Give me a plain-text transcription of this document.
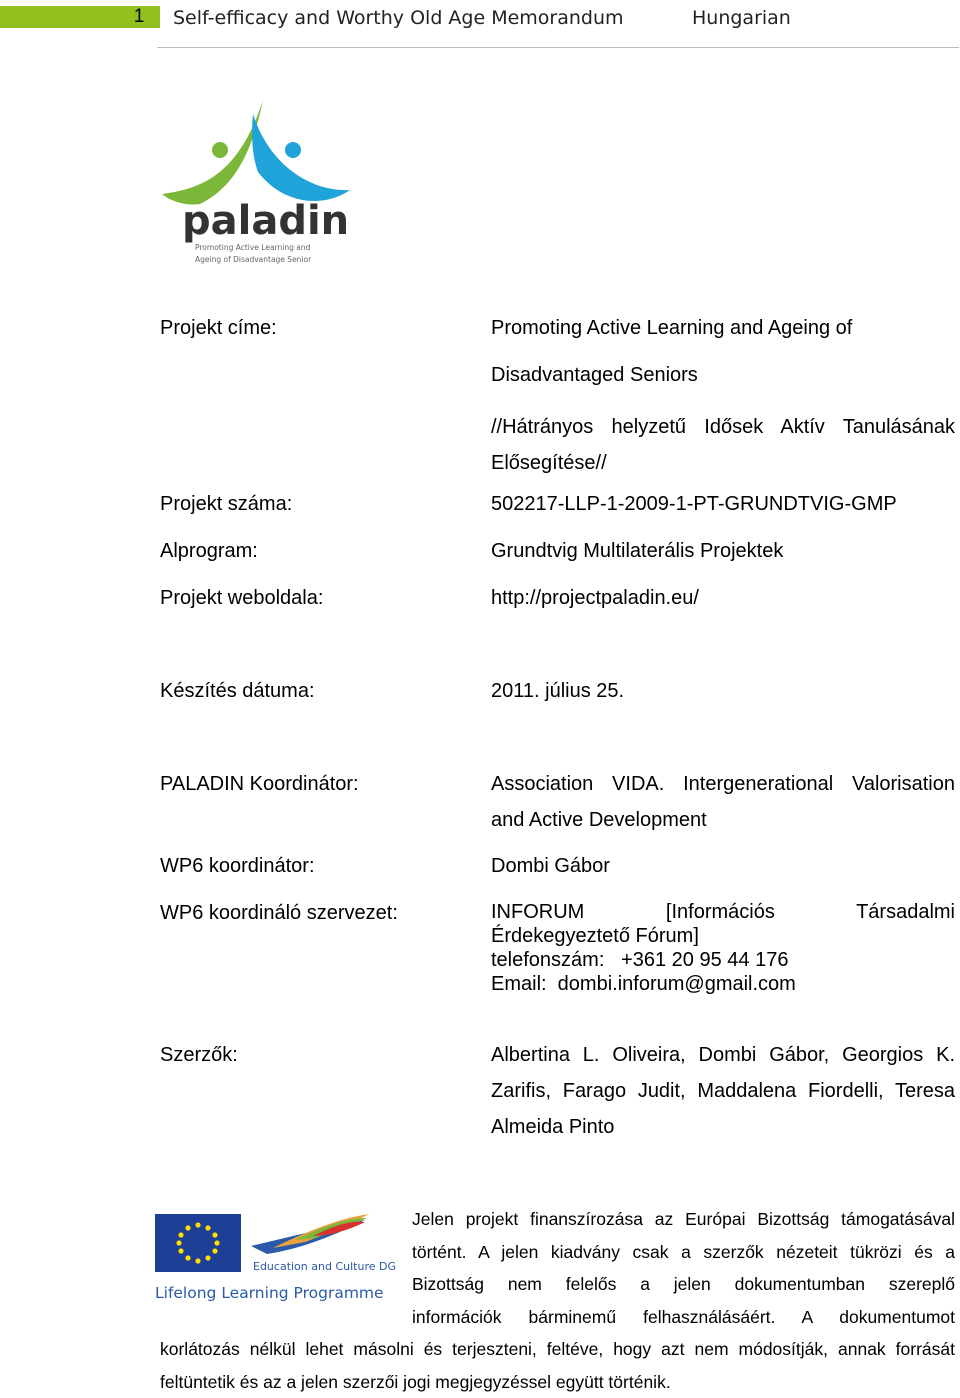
1	Self-efficacy and Worthy Old Age Memorandum	Hungarian
paladin
Promoting Active Learning and
Ageing of Disadvantage Senior
Projekt címe:	Promoting Active Learning and Ageing of
Disadvantaged Seniors
//Hátrányos helyzetű Idősek Aktív Tanulásának
Elősegítése//
Projekt száma:	502217-LLP-1-2009-1-PT-GRUNDTVIG-GMP
Alprogram:	Grundtvig Multilaterális Projektek
Projekt weboldala:	http://projectpaladin.eu/
Készítés dátuma:	2011. július 25.
PALADIN Koordinátor:	Association VIDA. Intergenerational Valorisation
and Active Development
WP6 koordinátor:	Dombi Gábor
WP6 koordináló szervezet:	INFORUM [Információs Társadalmi
Érdekegyeztető Fórum]
telefonszám:   +361 20 95 44 176
Email:  dombi.inforum@gmail.com
Szerzők:	Albertina L. Oliveira, Dombi Gábor, Georgios K.
Zarifis, Farago Judit, Maddalena Fiordelli, Teresa
Almeida Pinto
Education and Culture DG
Lifelong Learning Programme
Jelen projekt finanszírozása az Európai Bizottság támogatásával
történt. A jelen kiadvány csak a szerzők nézeteit tükrözi és a
Bizottság nem felelős a jelen dokumentumban szereplő
információk bárminemű felhasználásáért. A dokumentumot
korlátozás nélkül lehet másolni és terjeszteni, feltéve, hogy azt nem módosítják, annak forrását
feltüntetik és az a jelen szerzői jogi megjegyzéssel együtt történik.
